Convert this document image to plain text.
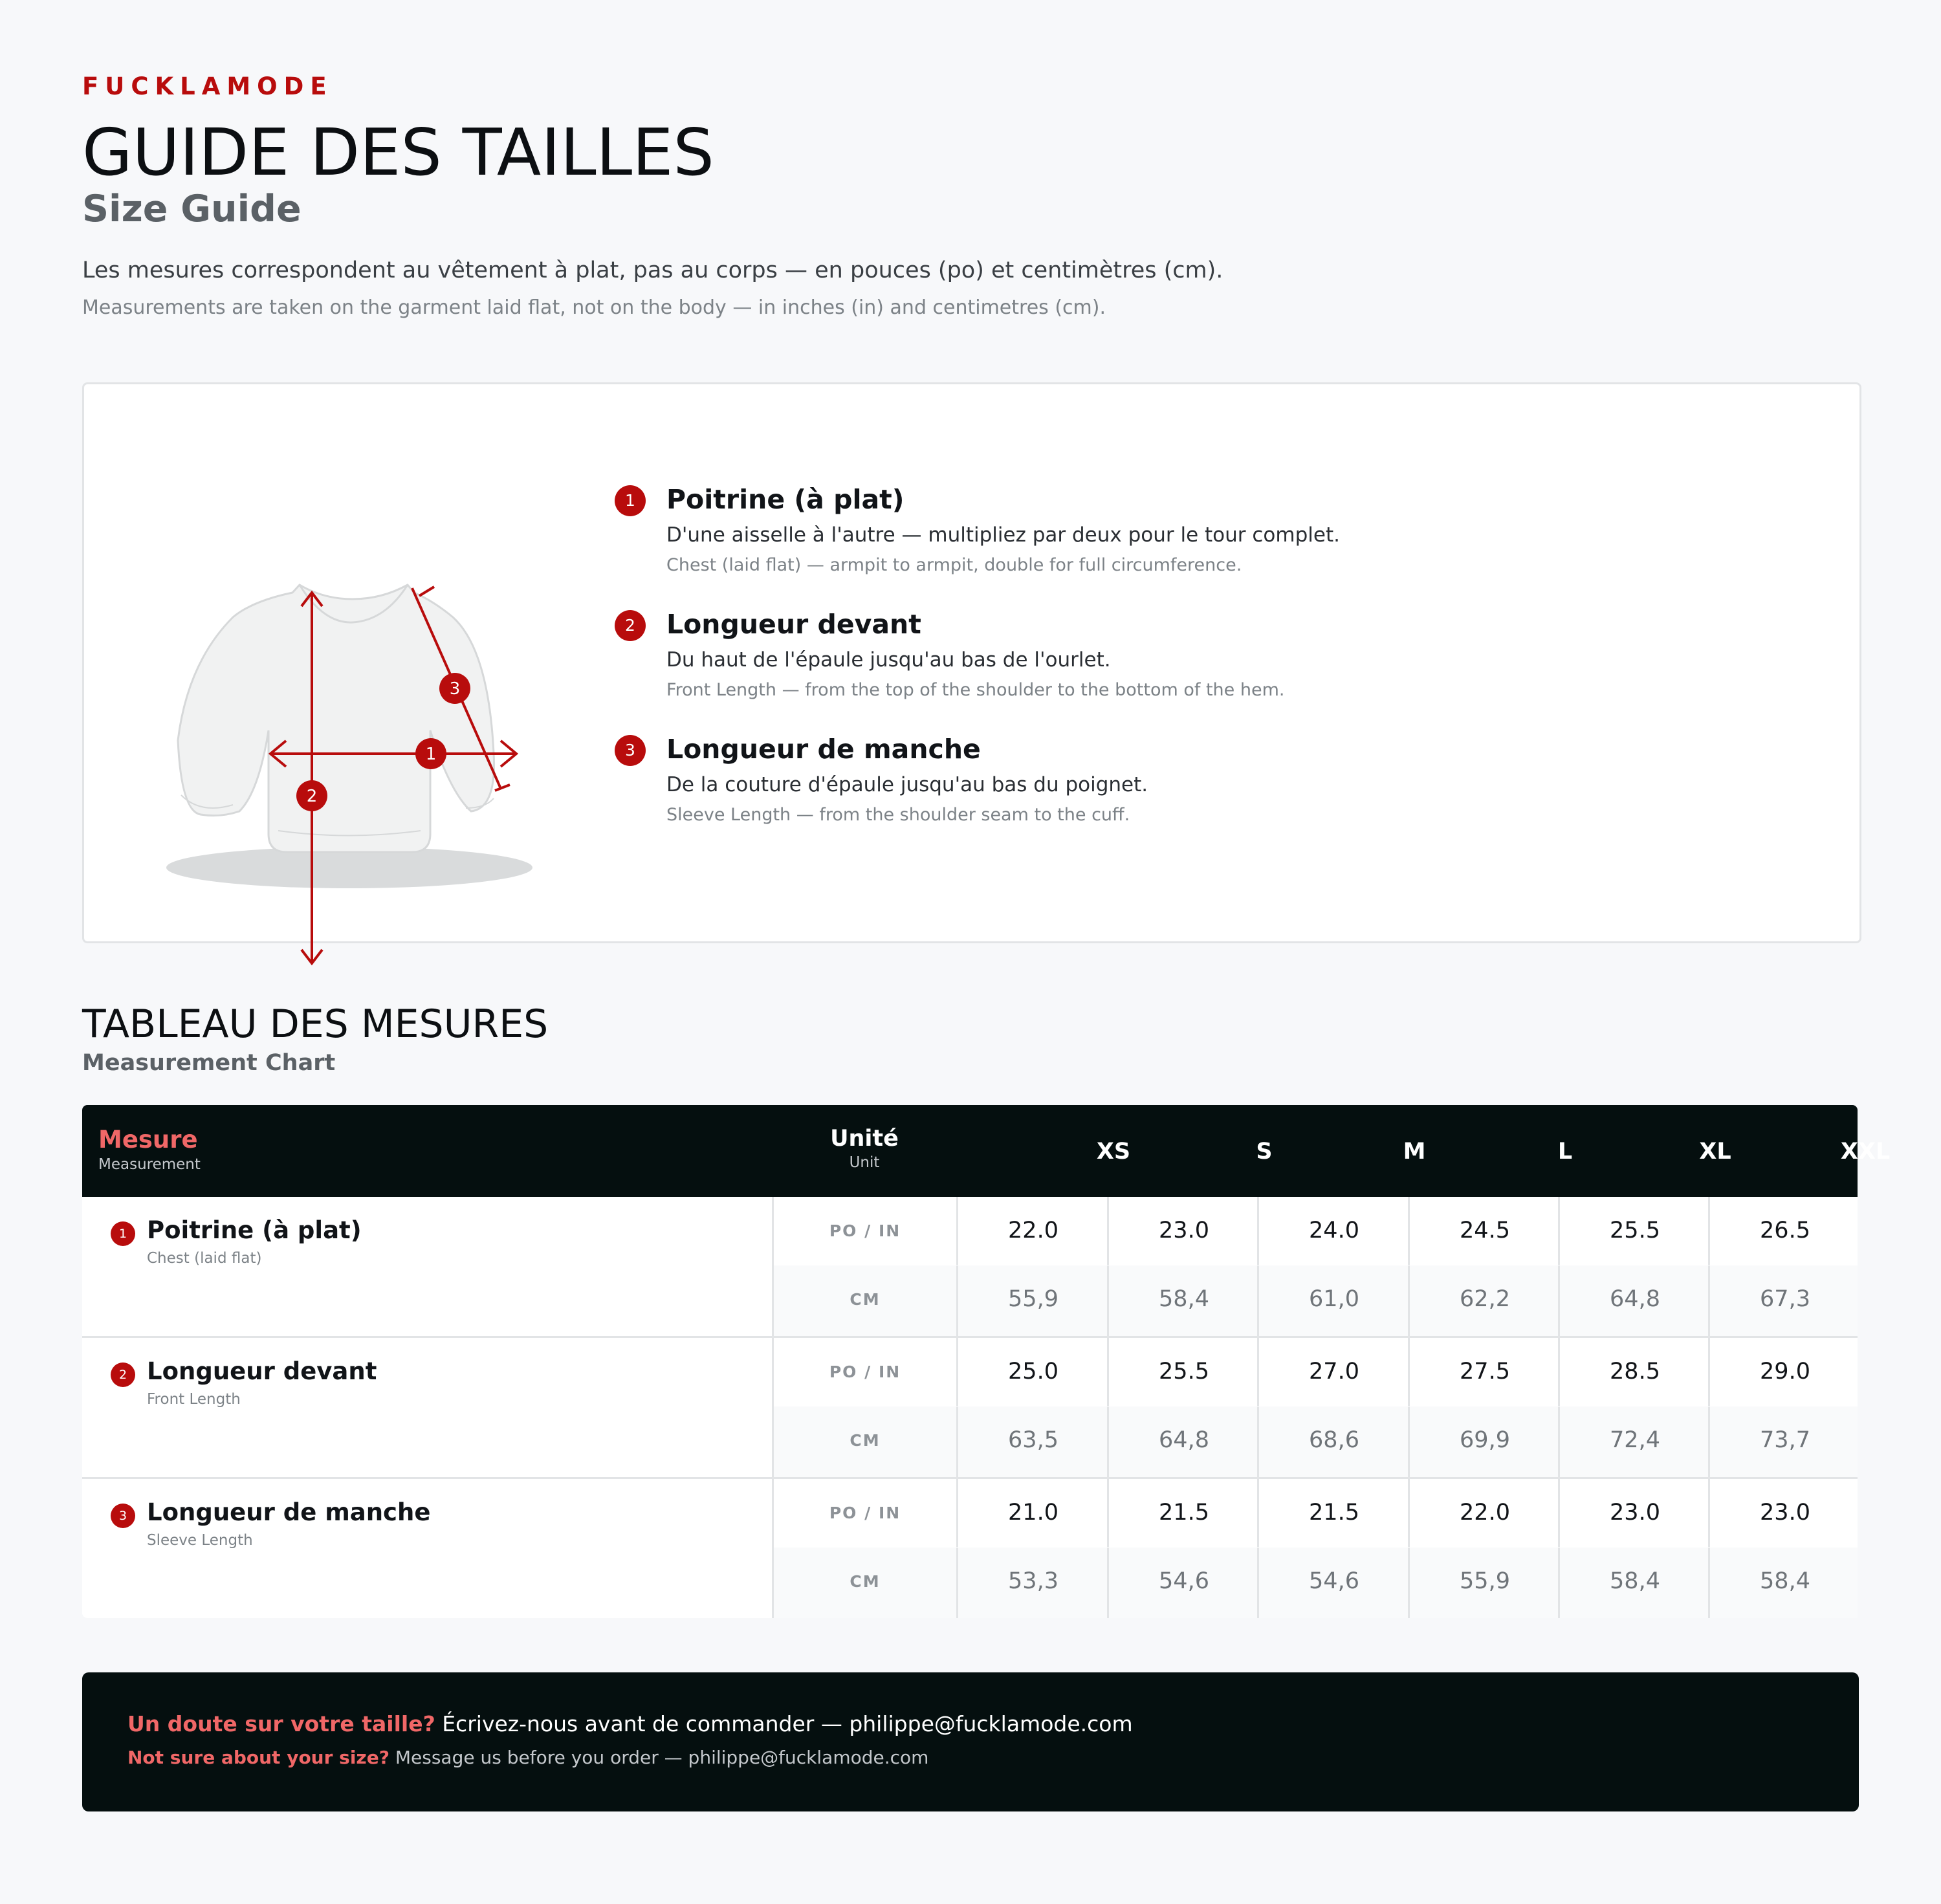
FUCKLAMODE
GUIDE DES TAILLES
Size Guide
Les mesures correspondent au vêtement à plat, pas au corps — en pouces (po) et centimètres (cm).
Measurements are taken on the garment laid flat, not on the body — in inches (in) and centimetres (cm).
1
2
3
1	Poitrine (à plat)
D'une aisselle à l'autre — multipliez par deux pour le tour complet.
Chest (laid flat) — armpit to armpit, double for full circumference.
2	Longueur devant
Du haut de l'épaule jusqu'au bas de l'ourlet.
Front Length — from the top of the shoulder to the bottom of the hem.
3	Longueur de manche
De la couture d'épaule jusqu'au bas du poignet.
Sleeve Length — from the shoulder seam to the cuff.
TABLEAU DES MESURES
Measurement Chart
Mesure
Measurement
Unité
Unit	XS	S	M	L	XL	XXL
1 Poitrine (à plat)
Chest (laid flat)
PO / IN	22.0	23.0	24.0	24.5	25.5	26.5
CM	55,9	58,4	61,0	62,2	64,8	67,3
2 Longueur devant
Front Length
PO / IN	25.0	25.5	27.0	27.5	28.5	29.0
CM	63,5	64,8	68,6	69,9	72,4	73,7
3 Longueur de manche
Sleeve Length
PO / IN	21.0	21.5	21.5	22.0	23.0	23.0
CM	53,3	54,6	54,6	55,9	58,4	58,4
Un doute sur votre taille? Écrivez-nous avant de commander — philippe@fucklamode.com
Not sure about your size? Message us before you order — philippe@fucklamode.com
